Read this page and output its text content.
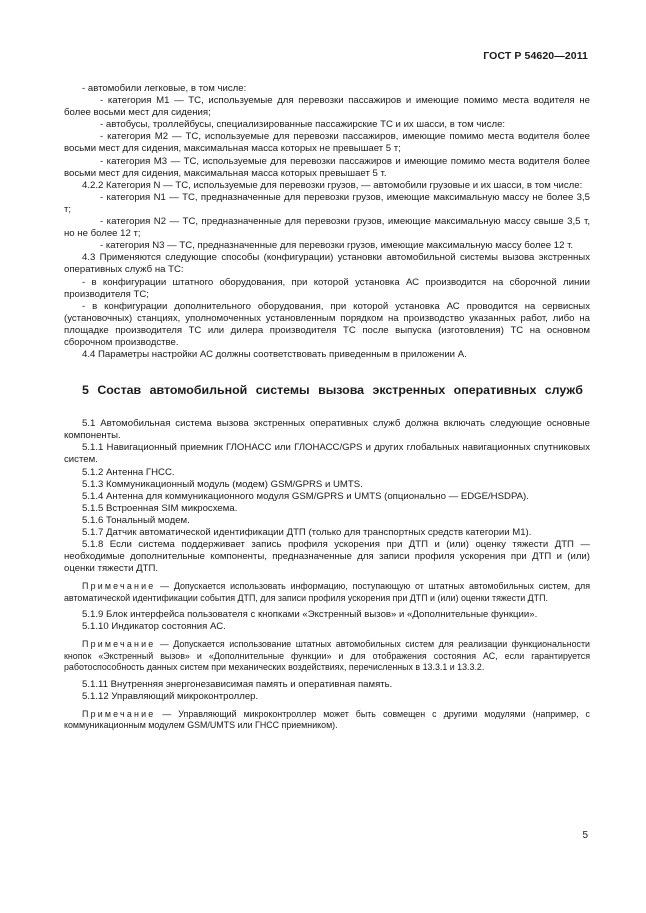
ГОСТ Р 54620—2011

- автомобили легковые, в том числе:

- категория М1 — ТС, используемые для перевозки пассажиров и имеющие помимо места водителя не более восьми мест для сидения;

- автобусы, троллейбусы, специализированные пассажирские ТС и их шасси, в том числе:

- категория М2 — ТС, используемые для перевозки пассажиров, имеющие помимо места водителя более восьми мест для сидения, максимальная масса которых не превышает 5 т;

- категория М3 — ТС, используемые для перевозки пассажиров и имеющие помимо места водителя более восьми мест для сидения, максимальная масса которых превышает 5 т.

4.2.2 Категория N — ТС, используемые для перевозки грузов, — автомобили грузовые и их шасси, в том числе:

- категория N1 — ТС, предназначенные для перевозки грузов, имеющие максимальную массу не более 3,5 т;

- категория N2 — ТС, предназначенные для перевозки грузов, имеющие максимальную массу свыше 3,5 т, но не более 12 т;

- категория N3 — ТС, предназначенные для перевозки грузов, имеющие максимальную массу более 12 т.

4.3 Применяются следующие способы (конфигурации) установки автомобильной системы вызова экстренных оперативных служб на ТС:

- в конфигурации штатного оборудования, при которой установка АС производится на сборочной линии производителя ТС;

- в конфигурации дополнительного оборудования, при которой установка АС проводится на сервисных (установочных) станциях, уполномоченных установленным порядком на производство указанных работ, либо на площадке производителя ТС или дилера производителя ТС после выпуска (изготовления) ТС на основном сборочном производстве.

4.4 Параметры настройки АС должны соответствовать приведенным в приложении А.

5 Состав автомобильной системы вызова экстренных оперативных служб

5.1 Автомобильная система вызова экстренных оперативных служб должна включать следующие основные компоненты.

5.1.1 Навигационный приемник ГЛОНАСС или ГЛОНАСС/GPS и других глобальных навигационных спутниковых систем.

5.1.2 Антенна ГНСС.

5.1.3 Коммуникационный модуль (модем) GSM/GPRS и UMTS.

5.1.4 Антенна для коммуникационного модуля GSM/GPRS и UMTS (опционально — EDGE/HSDPA).

5.1.5 Встроенная SIM микросхема.

5.1.6 Тональный модем.

5.1.7 Датчик автоматической идентификации ДТП (только для транспортных средств категории М1).

5.1.8 Если система поддерживает запись профиля ускорения при ДТП и (или) оценку тяжести ДТП — необходимые дополнительные компоненты, предназначенные для записи профиля ускорения при ДТП и (или) оценки тяжести ДТП.

Примечание — Допускается использовать информацию, поступающую от штатных автомобильных систем, для автоматической идентификации события ДТП, для записи профиля ускорения при ДТП и (или) оценки тяжести ДТП.

5.1.9 Блок интерфейса пользователя с кнопками «Экстренный вызов» и «Дополнительные функции».

5.1.10 Индикатор состояния АС.

Примечание — Допускается использование штатных автомобильных систем для реализации функциональности кнопок «Экстренный вызов» и «Дополнительные функции» и для отображения состояния АС, если гарантируется работоспособность данных систем при механических воздействиях, перечисленных в 13.3.1 и 13.3.2.

5.1.11 Внутренняя энергонезависимая память и оперативная память.

5.1.12 Управляющий микроконтроллер.

Примечание — Управляющий микроконтроллер может быть совмещен с другими модулями (например, с коммуникационным модулем GSM/UMTS или ГНСС приемником).

5
